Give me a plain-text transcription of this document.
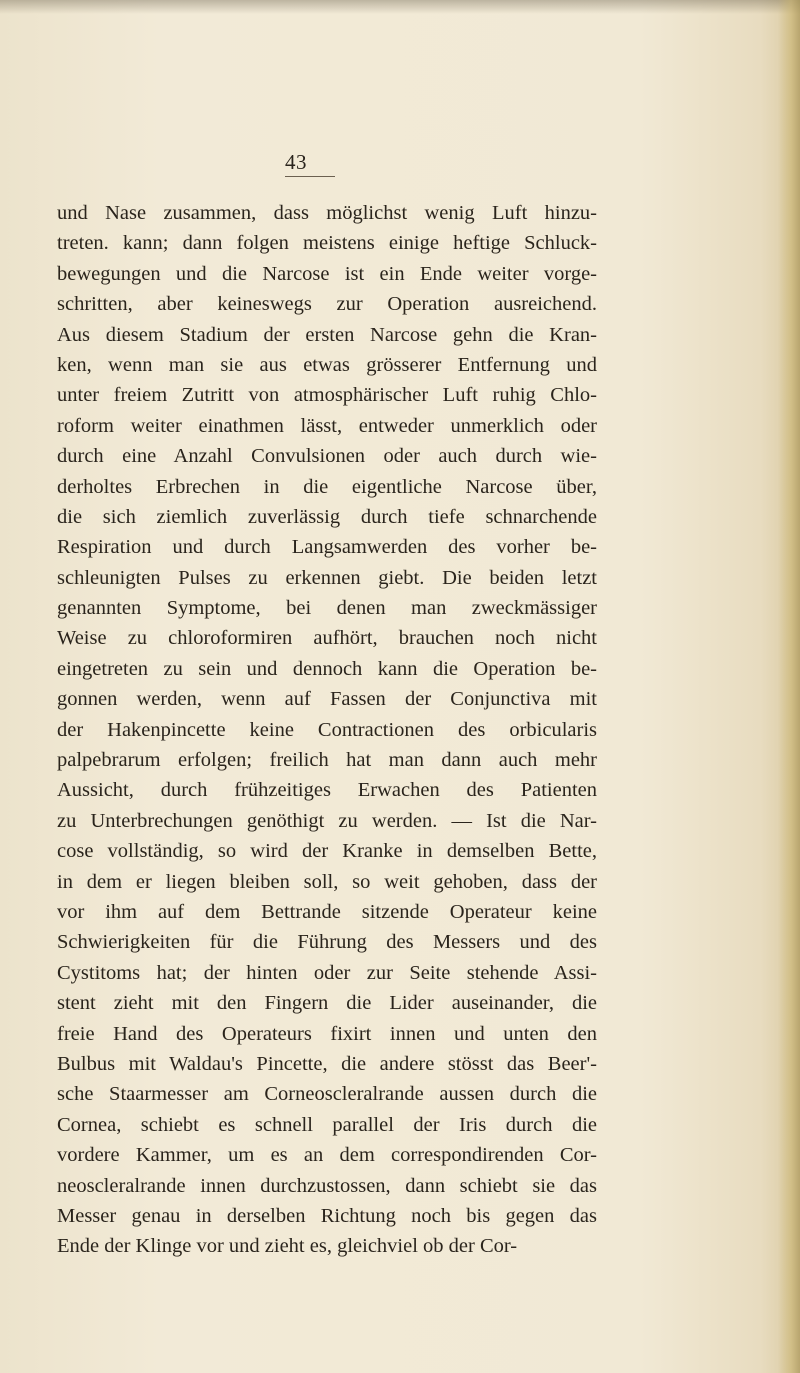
43
und Nase zusammen, dass möglichst wenig Luft hinzu-
treten. kann; dann folgen meistens einige heftige Schluck-
bewegungen und die Narcose ist ein Ende weiter vorge-
schritten, aber keineswegs zur Operation ausreichend.
Aus diesem Stadium der ersten Narcose gehn die Kran-
ken, wenn man sie aus etwas grösserer Entfernung und
unter freiem Zutritt von atmosphärischer Luft ruhig Chlo-
roform weiter einathmen lässt, entweder unmerklich oder
durch eine Anzahl Convulsionen oder auch durch wie-
derholtes Erbrechen in die eigentliche Narcose über,
die sich ziemlich zuverlässig durch tiefe schnarchende
Respiration und durch Langsamwerden des vorher be-
schleunigten Pulses zu erkennen giebt. Die beiden letzt
genannten Symptome, bei denen man zweckmässiger
Weise zu chloroformiren aufhört, brauchen noch nicht
eingetreten zu sein und dennoch kann die Operation be-
gonnen werden, wenn auf Fassen der Conjunctiva mit
der Hakenpincette keine Contractionen des orbicularis
palpebrarum erfolgen; freilich hat man dann auch mehr
Aussicht, durch frühzeitiges Erwachen des Patienten
zu Unterbrechungen genöthigt zu werden. — Ist die Nar-
cose vollständig, so wird der Kranke in demselben Bette,
in dem er liegen bleiben soll, so weit gehoben, dass der
vor ihm auf dem Bettrande sitzende Operateur keine
Schwierigkeiten für die Führung des Messers und des
Cystitoms hat; der hinten oder zur Seite stehende Assi-
stent zieht mit den Fingern die Lider auseinander, die
freie Hand des Operateurs fixirt innen und unten den
Bulbus mit Waldau's Pincette, die andere stösst das Beer'-
sche Staarmesser am Corneoscleralrande aussen durch die
Cornea, schiebt es schnell parallel der Iris durch die
vordere Kammer, um es an dem correspondirenden Cor-
neoscleralrande innen durchzustossen, dann schiebt sie das
Messer genau in derselben Richtung noch bis gegen das
Ende der Klinge vor und zieht es, gleichviel ob der Cor-
